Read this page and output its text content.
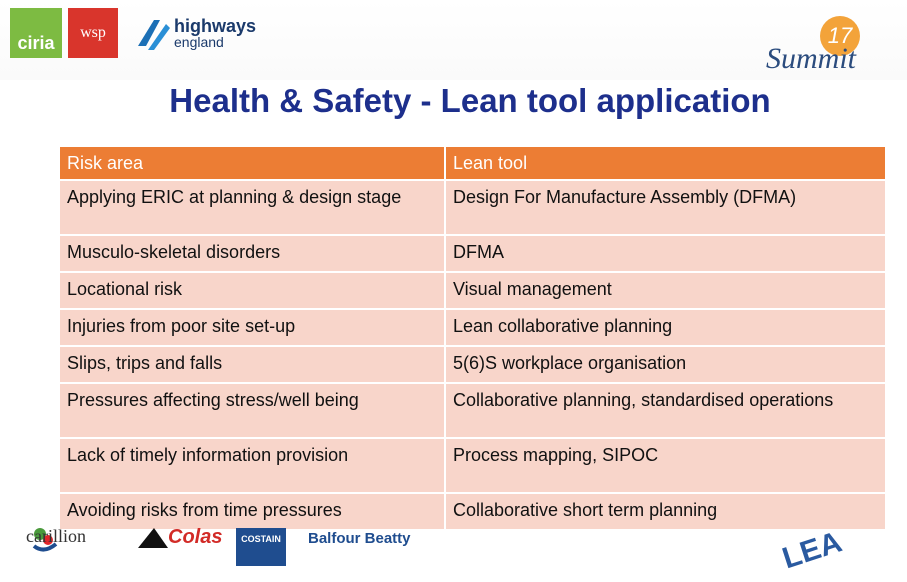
ciria
wsp	highways
england	17
Summit
Health & Safety - Lean tool application
Risk area	Lean tool
Applying ERIC at planning & design stage	Design For Manufacture Assembly (DFMA)
Musculo-skeletal disorders	DFMA
Locational risk	Visual management
Injuries from poor site set-up	Lean collaborative planning
Slips, trips and falls	5(6)S workplace organisation
Pressures affecting stress/well being	Collaborative planning, standardised operations
Lack of timely information provision	Process mapping, SIPOC
Avoiding risks from time pressures	Collaborative short term planning
carillion	Colas COSTAIN Balfour Beatty	LEA
